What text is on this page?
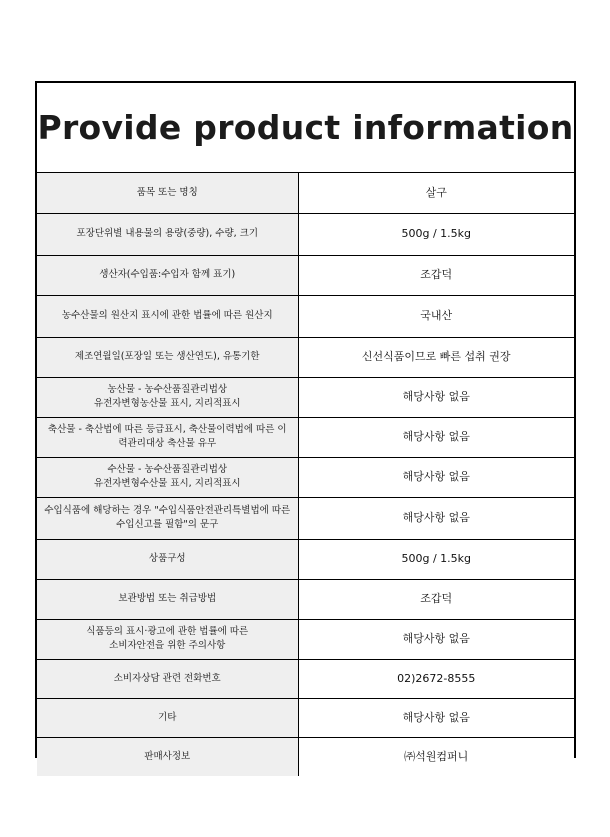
Provide product information
품목 또는 명칭	살구
포장단위별 내용물의 용량(중량), 수량, 크기	500g / 1.5kg
생산자(수입품:수입자 함께 표기)	조갑덕
농수산물의 원산지 표시에 관한 법률에 따른 원산지	국내산
제조연월일(포장일 또는 생산연도), 유통기한	신선식품이므로 빠른 섭취 권장
농산물 - 농수산품질관리법상
유전자변형농산물 표시, 지리적표시	해당사항 없음
축산물 - 축산법에 따른 등급표시, 축산물이력법에 따른 이
력관리대상 축산물 유무	해당사항 없음
수산물 - 농수산품질관리법상
유전자변형수산물 표시, 지리적표시	해당사항 없음
수입식품에 해당하는 경우 "수입식품안전관리특별법에 따른
수입신고를 필함"의 문구	해당사항 없음
상품구성	500g / 1.5kg
보관방법 또는 취급방법	조갑덕
식품등의 표시·광고에 관한 법률에 따른
소비자안전을 위한 주의사항	해당사항 없음
소비자상담 관련 전화번호	02)2672-8555
기타	해당사항 없음
판매사정보	㈜석원컴퍼니
